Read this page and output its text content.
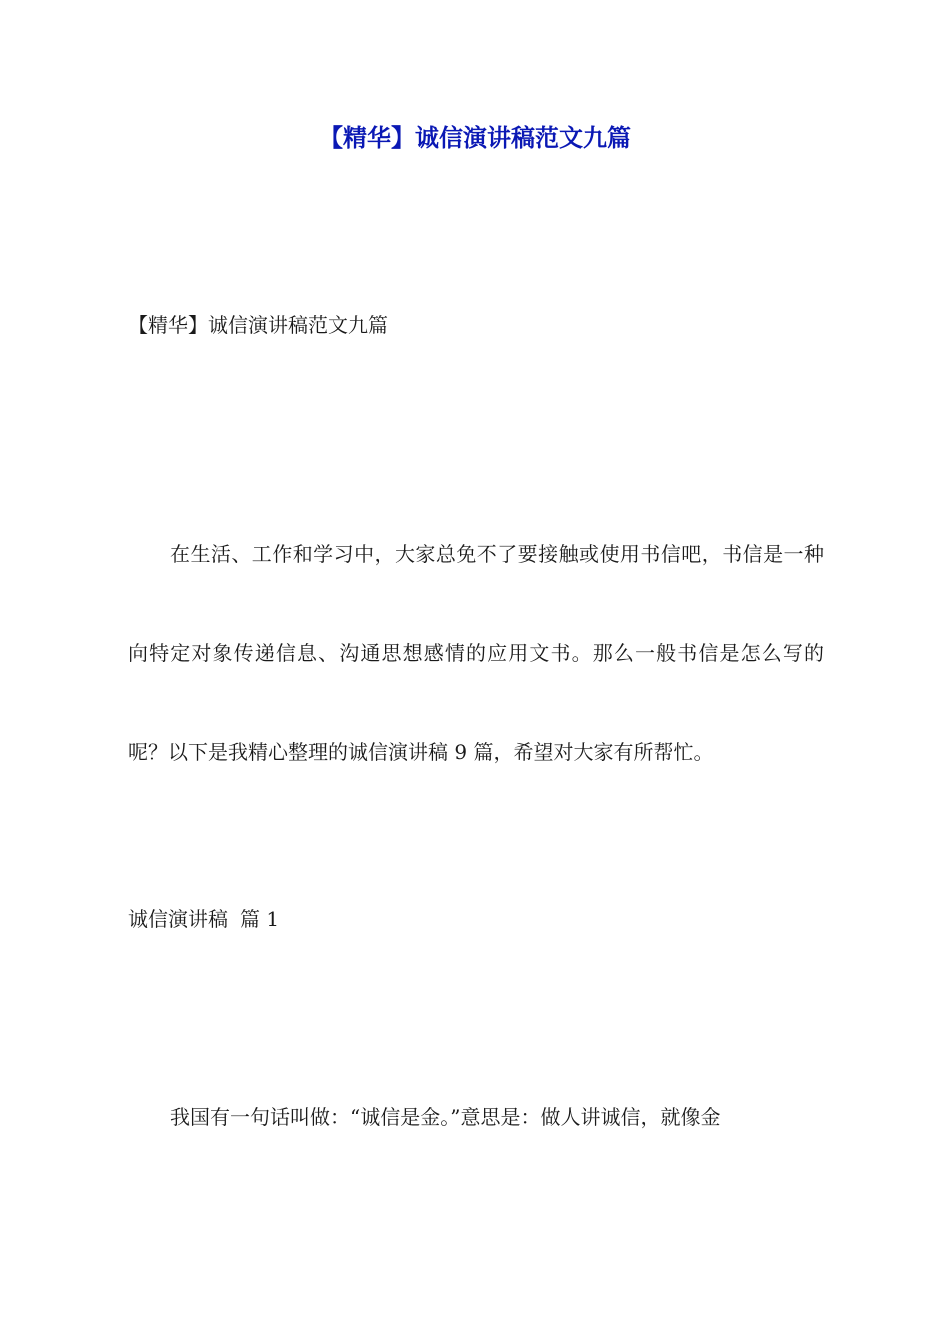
【精华】诚信演讲稿范文九篇

【精华】诚信演讲稿范文九篇

在生活、工作和学习中，大家总免不了要接触或使用书信吧，书信是一种向特定对象传递信息、沟通思想感情的应用文书。那么一般书信是怎么写的呢？以下是我精心整理的诚信演讲稿 9 篇，希望对大家有所帮忙。

诚信演讲稿 篇 1

我国有一句话叫做：“诚信是金。”意思是：做人讲诚信，就像金
